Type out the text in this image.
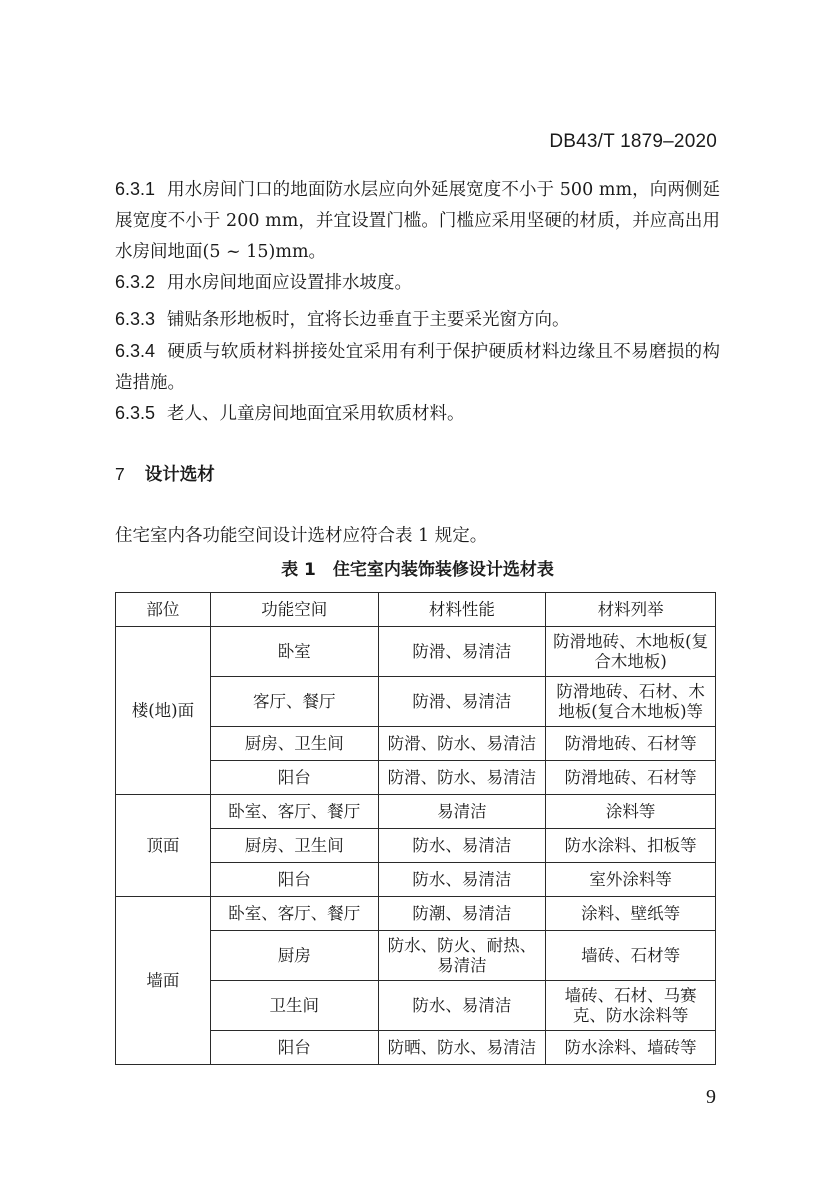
DB43/T 1879–2020

6.3.1 用水房间门口的地面防水层应向外延展宽度不小于 500 mm，向两侧延展宽度不小于 200 mm，并宜设置门槛。门槛应采用坚硬的材质，并应高出用水房间地面(5 ~ 15)mm。

6.3.2 用水房间地面应设置排水坡度。

6.3.3 铺贴条形地板时，宜将长边垂直于主要采光窗方向。

6.3.4 硬质与软质材料拼接处宜采用有利于保护硬质材料边缘且不易磨损的构造措施。

6.3.5 老人、儿童房间地面宜采用软质材料。

7 设计选材
住宅室内各功能空间设计选材应符合表 1 规定。
表 1　住宅室内装饰装修设计选材表
部位	功能空间	材料性能	材料列举
楼(地)面	卧室	防滑、易清洁	防滑地砖、木地板(复合木地板)
	客厅、餐厅	防滑、易清洁	防滑地砖、石材、木地板(复合木地板)等
	厨房、卫生间	防滑、防水、易清洁	防滑地砖、石材等
	阳台	防滑、防水、易清洁	防滑地砖、石材等
顶面	卧室、客厅、餐厅	易清洁	涂料等
	厨房、卫生间	防水、易清洁	防水涂料、扣板等
	阳台	防水、易清洁	室外涂料等
墙面	卧室、客厅、餐厅	防潮、易清洁	涂料、壁纸等
	厨房	防水、防火、耐热、易清洁	墙砖、石材等
	卫生间	防水、易清洁	墙砖、石材、马赛克、防水涂料等
	阳台	防晒、防水、易清洁	防水涂料、墙砖等
9
